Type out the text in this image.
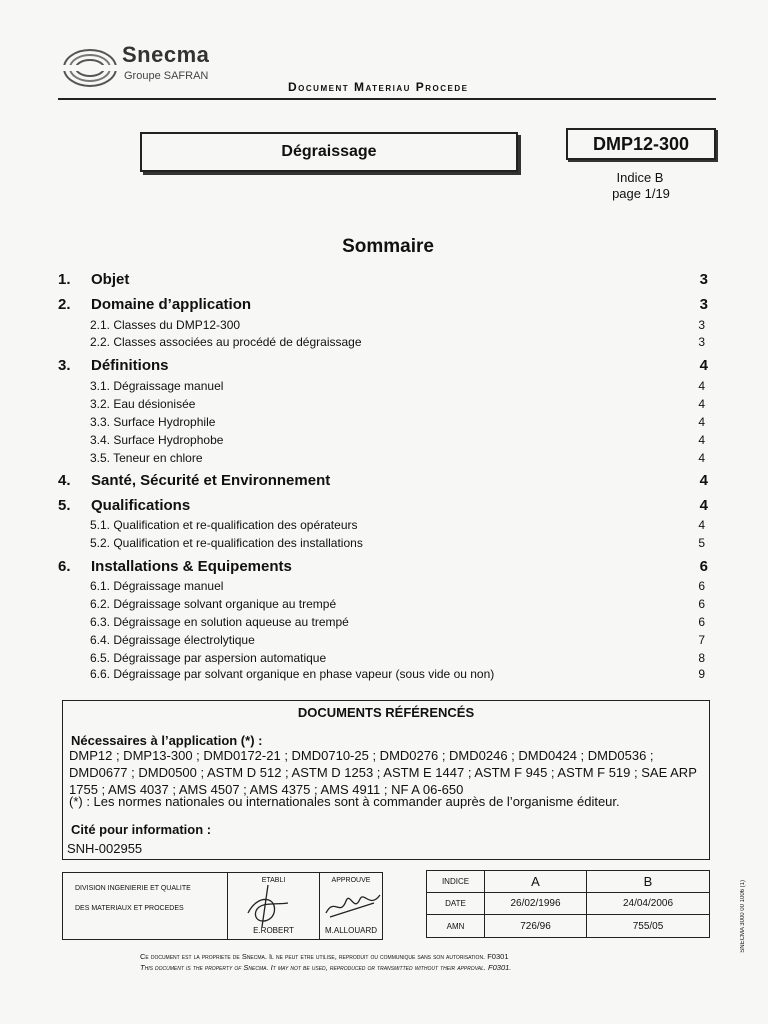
Snecma
Groupe SAFRAN
Document Materiau Procede
Dégraissage	DMP12-300
Indice B
page 1/19
Sommaire
1. Objet	3
2. Domaine d’application	3
2.1. Classes du DMP12-300	3
2.2. Classes associées au procédé de dégraissage	3
3. Définitions	4
3.1. Dégraissage manuel	4
3.2. Eau désionisée	4
3.3. Surface Hydrophile	4
3.4. Surface Hydrophobe	4
3.5. Teneur en chlore	4
4. Santé, Sécurité et Environnement	4
5. Qualifications	4
5.1. Qualification et re-qualification des opérateurs	4
5.2. Qualification et re-qualification des installations	5
6. Installations & Equipements	6
6.1. Dégraissage manuel	6
6.2. Dégraissage solvant organique au trempé	6
6.3. Dégraissage en solution aqueuse au trempé	6
6.4. Dégraissage électrolytique	7
6.5. Dégraissage par aspersion automatique	8
6.6. Dégraissage par solvant organique en phase vapeur (sous vide ou non)	9
DOCUMENTS RÉFÉRENCÉS
Nécessaires à l’application (*) :
DMP12 ; DMP13-300 ; DMD0172-21 ; DMD0710-25 ; DMD0276 ; DMD0246 ; DMD0424 ; DMD0536 ; DMD0677 ; DMD0500 ; ASTM D 512 ; ASTM D 1253 ; ASTM E 1447 ; ASTM F 945 ; ASTM F 519 ; SAE ARP 1755 ; AMS 4037 ; AMS 4507 ; AMS 4375 ; AMS 4911 ; NF A 06-650
(*) : Les normes nationales ou internationales sont à commander auprès de l’organisme éditeur.
Cité pour information :
SNH-002955
DIVISION INGENIERIE ET QUALITE
DES MATERIAUX ET PROCEDES
ETABLI
E.ROBERT
APPROUVE
M.ALLOUARD
INDICE	A	B
DATE	26/02/1996	24/04/2006
AMN	726/96	755/05
Ce document est la propriete de Snecma. Il ne peut etre utilise, reproduit ou communique sans son autorisation. F0301
This document is the property of Snecma. It may not be used, reproduced or transmitted without their approval. F0301.
SNECMA 3000 00 1006 (1)
